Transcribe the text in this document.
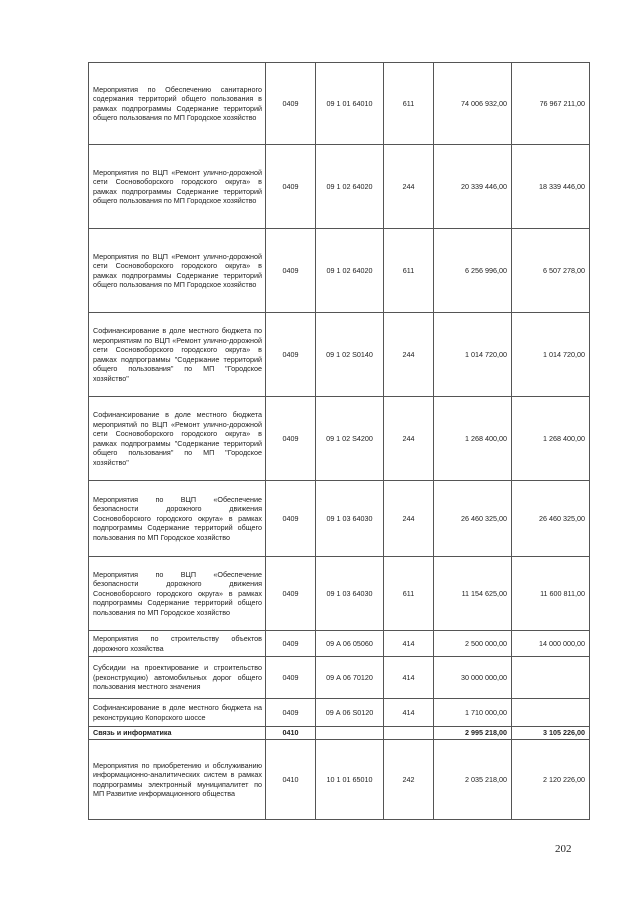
Мероприятия по Обеспечению санитарного содержания территорий общего пользования в рамках подпрограммы Содержание территорий общего пользования по МП Городское хозяйство	0409	09 1 01 64010	611	74 006 932,00	76 967 211,00
Мероприятия по ВЦП «Ремонт улично-дорожной сети Сосновоборского городского округа» в рамках подпрограммы Содержание территорий общего пользования по МП Городское хозяйство	0409	09 1 02 64020	244	20 339 446,00	18 339 446,00
Мероприятия по ВЦП «Ремонт улично-дорожной сети Сосновоборского городского округа» в рамках подпрограммы Содержание территорий общего пользования по МП Городское хозяйство	0409	09 1 02 64020	611	6 256 996,00	6 507 278,00
Софинансирование в доле местного бюджета по мероприятиям по ВЦП «Ремонт улично-дорожной сети Сосновоборского городского округа» в рамках подпрограммы "Содержание территорий общего пользования" по МП "Городское хозяйство"	0409	09 1 02 S0140	244	1 014 720,00	1 014 720,00
Софинансирование в доле местного бюджета мероприятий по ВЦП «Ремонт улично-дорожной сети Сосновоборского городского округа» в рамках подпрограммы "Содержание территорий общего пользования" по МП "Городское хозяйство"	0409	09 1 02 S4200	244	1 268 400,00	1 268 400,00
Мероприятия по ВЦП «Обеспечение безопасности дорожного движения Сосновоборского городского округа» в рамках подпрограммы Содержание территорий общего пользования по МП Городское хозяйство	0409	09 1 03 64030	244	26 460 325,00	26 460 325,00
Мероприятия по ВЦП «Обеспечение безопасности дорожного движения Сосновоборского городского округа» в рамках подпрограммы Содержание территорий общего пользования по МП Городское хозяйство	0409	09 1 03 64030	611	11 154 625,00	11 600 811,00
Мероприятия по строительству объектов дорожного хозяйства	0409	09 А 06 05060	414	2 500 000,00	14 000 000,00
Субсидии на проектирование и строительство (реконструкцию) автомобильных дорог общего пользования местного значения	0409	09 А 06 70120	414	30 000 000,00	
Софинансирование в доле местного бюджета на реконструкцию Копорского шоссе	0409	09 А 06 S0120	414	1 710 000,00	
Связь и информатика	0410			2 995 218,00	3 105 226,00
Мероприятия по приобретению и обслуживанию информационно-аналитических систем в рамках подпрограммы электронный муниципалитет по МП Развитие информационного общества	0410	10 1 01 65010	242	2 035 218,00	2 120 226,00
202
